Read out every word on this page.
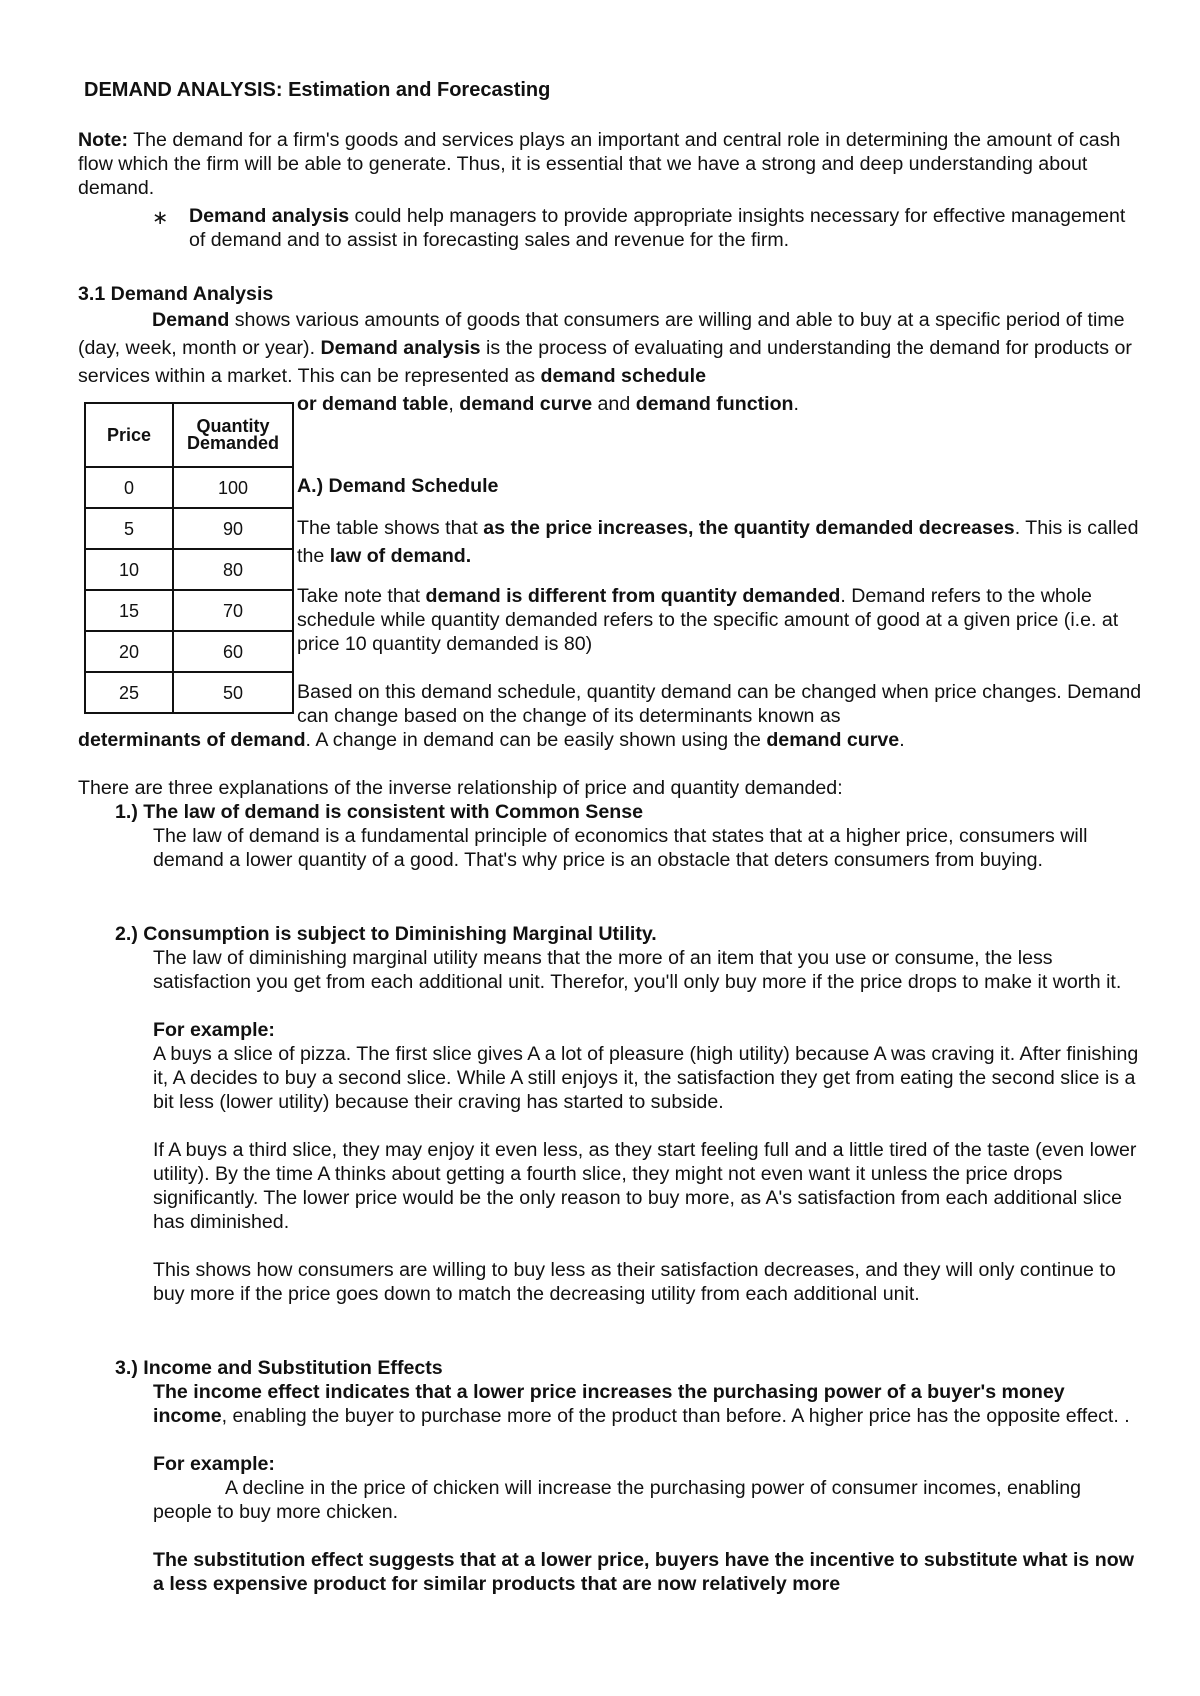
DEMAND ANALYSIS: Estimation and Forecasting
Note: The demand for a firm's goods and services plays an important and central role in determining the amount of cash flow which the firm will be able to generate. Thus, it is essential that we have a strong and deep understanding about demand.
∗ Demand analysis could help managers to provide appropriate insights necessary for effective management of demand and to assist in forecasting sales and revenue for the firm.
3.1 Demand Analysis
Demand shows various amounts of goods that consumers are willing and able to buy at a specific period of time (day, week, month or year). Demand analysis is the process of evaluating and understanding the demand for products or services within a market. This can be represented as demand schedule
or demand table, demand curve and demand function.
Price	Quantity Demanded
0	100
5	90
10	80
15	70
20	60
25	50
A.) Demand Schedule
The table shows that as the price increases, the quantity demanded decreases. This is called the law of demand.
Take note that demand is different from quantity demanded. Demand refers to the whole schedule while quantity demanded refers to the specific amount of good at a given price (i.e. at price 10 quantity demanded is 80)
Based on this demand schedule, quantity demand can be changed when price changes. Demand can change based on the change of its determinants known as
determinants of demand. A change in demand can be easily shown using the demand curve.
There are three explanations of the inverse relationship of price and quantity demanded:
1.) The law of demand is consistent with Common Sense
The law of demand is a fundamental principle of economics that states that at a higher price, consumers will demand a lower quantity of a good. That's why price is an obstacle that deters consumers from buying.
2.) Consumption is subject to Diminishing Marginal Utility.
The law of diminishing marginal utility means that the more of an item that you use or consume, the less satisfaction you get from each additional unit. Therefor, you'll only buy more if the price drops to make it worth it.
For example:
A buys a slice of pizza. The first slice gives A a lot of pleasure (high utility) because A was craving it. After finishing it, A decides to buy a second slice. While A still enjoys it, the satisfaction they get from eating the second slice is a bit less (lower utility) because their craving has started to subside.
If A buys a third slice, they may enjoy it even less, as they start feeling full and a little tired of the taste (even lower utility). By the time A thinks about getting a fourth slice, they might not even want it unless the price drops significantly. The lower price would be the only reason to buy more, as A's satisfaction from each additional slice has diminished.
This shows how consumers are willing to buy less as their satisfaction decreases, and they will only continue to buy more if the price goes down to match the decreasing utility from each additional unit.
3.) Income and Substitution Effects
The income effect indicates that a lower price increases the purchasing power of a buyer's money income, enabling the buyer to purchase more of the product than before. A higher price has the opposite effect. .
For example:
A decline in the price of chicken will increase the purchasing power of consumer incomes, enabling people to buy more chicken.
The substitution effect suggests that at a lower price, buyers have the incentive to substitute what is now a less expensive product for similar products that are now relatively more
